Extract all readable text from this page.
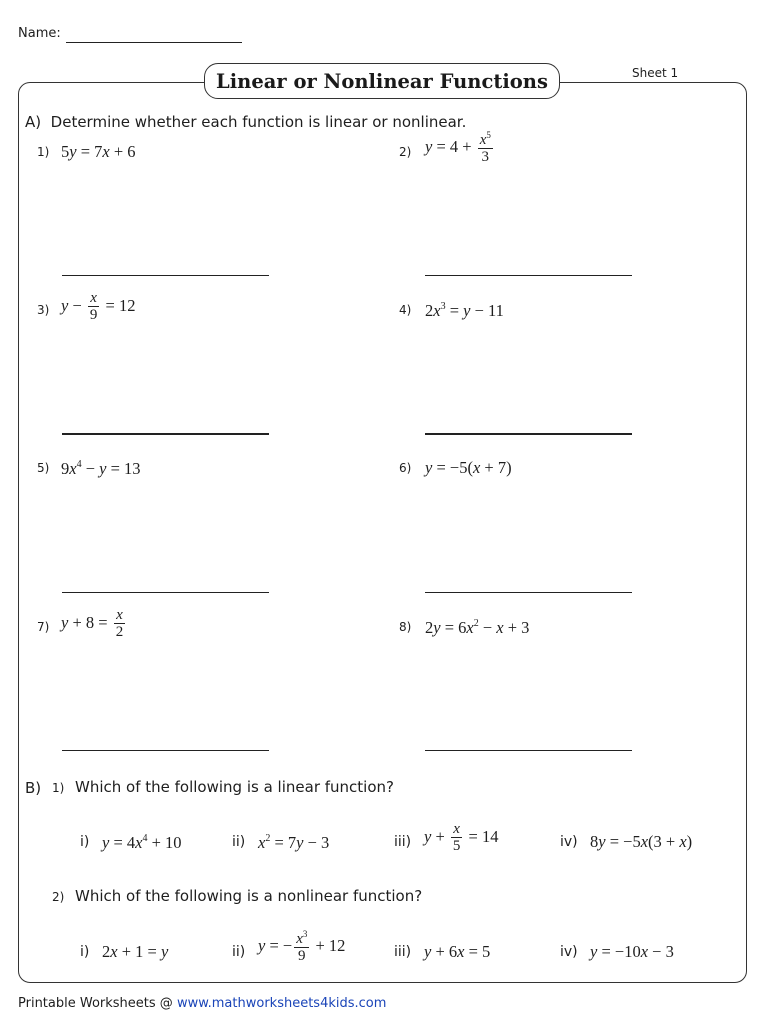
Name:
Sheet 1
Linear or Nonlinear Functions
A) Determine whether each function is linear or nonlinear.
1) 5y = 7x + 6	2) $y = 4 + \frac{x^5}{3}$
3) $y - \frac{x}{9} = 12$	4) $2x^3 = y - 11$
5) $9x^4 - y = 13$	6) y = −5(x + 7)
7) $y + 8 = \frac{x}{2}$	8) $2y = 6x^2 - x + 3$
B) 1) Which of the following is a linear function?
i) $y = 4x^4 + 10$	ii) $x^2 = 7y - 3$	iii) $y + \frac{x}{5} = 14$	iv) 8y = −5x(3 + x)
2) Which of the following is a nonlinear function?
i) 2x + 1 = y	ii) y = − $\frac{x^3}{9} + 12$	iii) y + 6x = 5	iv) y = −10x − 3
Printable Worksheets @ www.mathworksheets4kids.com
